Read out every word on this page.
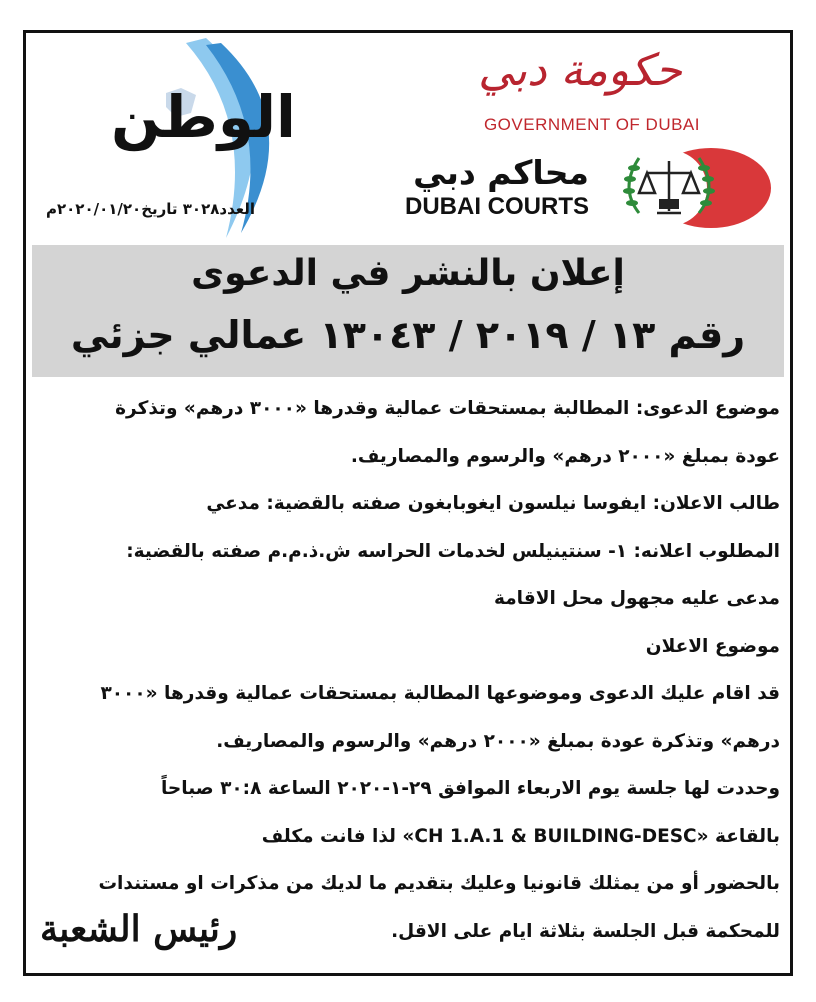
حكومة دبي
GOVERNMENT OF DUBAI
محاكم دبي
DUBAI COURTS
الوطن
العدد٣٠٢٨ تاريخ٢٠٢٠/٠١/٢٠م
إعلان بالنشر في الدعوى
رقم ١٣ / ٢٠١٩ / ١٣٠٤٣ عمالي جزئي

موضوع الدعوى: المطالبة بمستحقات عمالية وقدرها «٣٠٠٠ درهم» وتذكرة

عودة بمبلغ «٢٠٠٠ درهم» والرسوم والمصاريف.

طالب الاعلان: ايفوسا نيلسون ايغوبابغون صفته بالقضية: مدعي

المطلوب اعلانه: ١- سنتينيلس لخدمات الحراسه ش.ذ.م.م صفته بالقضية:

مدعى عليه مجهول محل الاقامة

موضوع الاعلان

قد اقام عليك الدعوى وموضوعها المطالبة بمستحقات عمالية وقدرها «٣٠٠٠

درهم» وتذكرة عودة بمبلغ «٢٠٠٠ درهم» والرسوم والمصاريف.

وحددت لها جلسة يوم الاربعاء الموافق ٢٩-١-٢٠٢٠ الساعة ٣٠:٨ صباحاً

بالقاعة «CH 1.A.1 & BUILDING-DESC» لذا فانت مكلف

بالحضور أو من يمثلك قانونيا وعليك بتقديم ما لديك من مذكرات او مستندات

للمحكمة قبل الجلسة بثلاثة ايام على الاقل.

رئيس الشعبة
